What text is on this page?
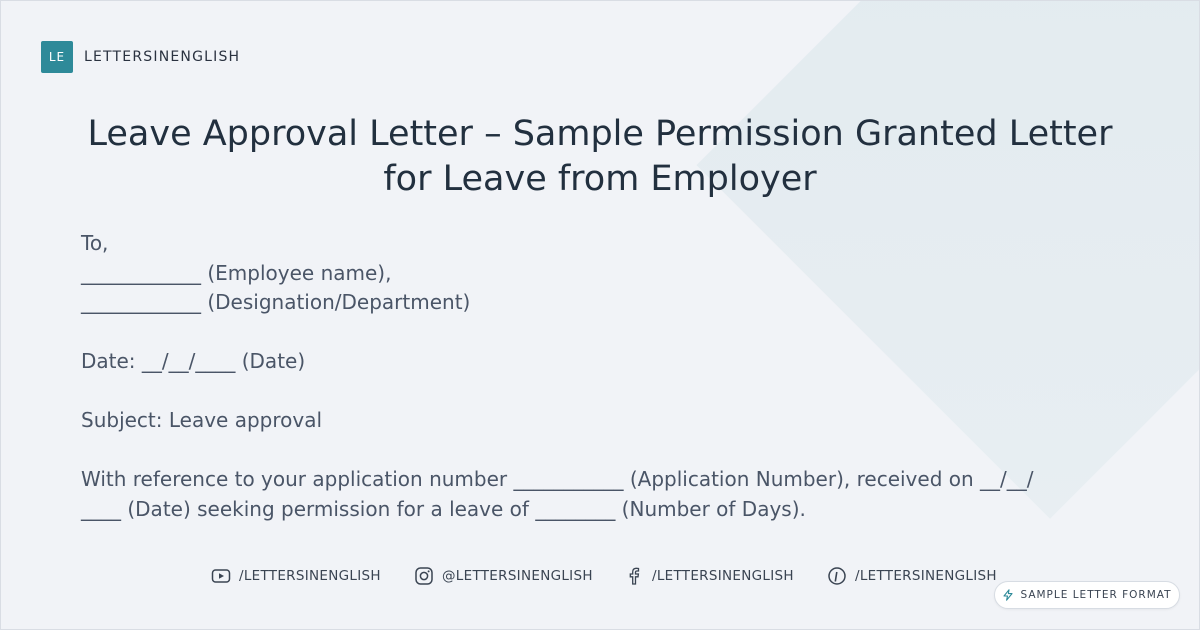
LE	LETTERSINENGLISH
Leave Approval Letter – Sample Permission Granted Letter
for Leave from Employer

To,

____________ (Employee name),

____________ (Designation/Department)

Date: __/__/____ (Date)

Subject: Leave approval

With reference to your application number ___________ (Application Number), received on __/__/

____ (Date) seeking permission for a leave of ________ (Number of Days).

/LETTERSINENGLISH	@LETTERSINENGLISH	/LETTERSINENGLISH	/LETTERSINENGLISH
SAMPLE LETTER FORMAT
